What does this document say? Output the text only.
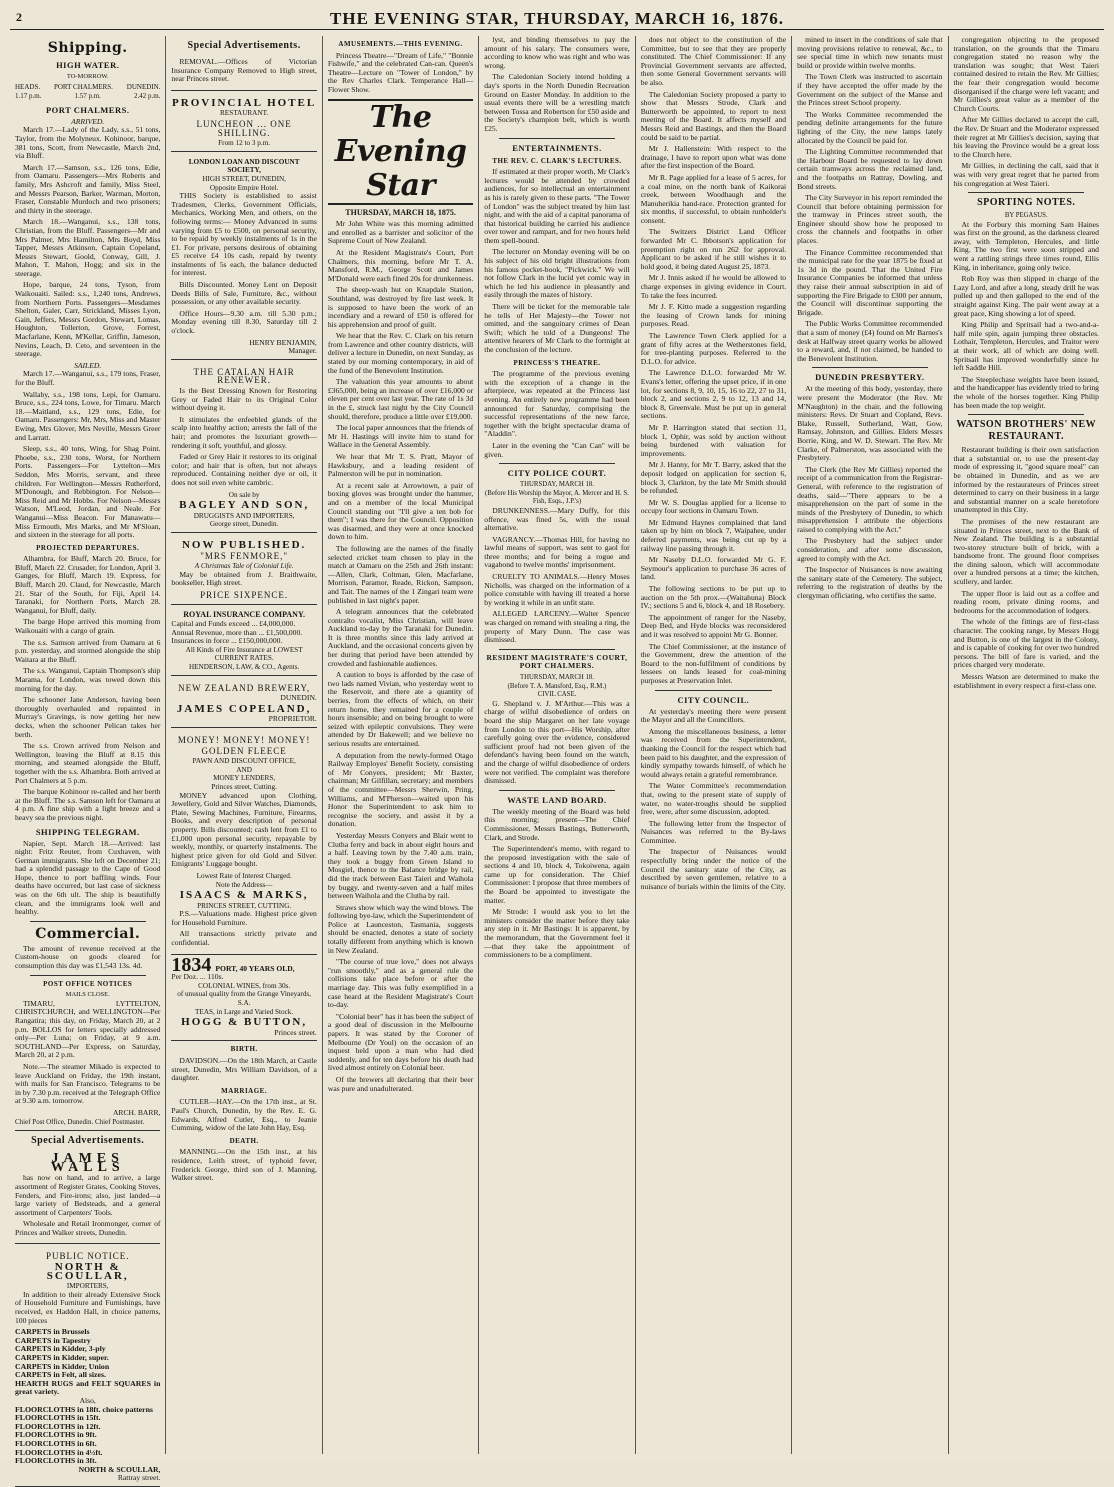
2	THE EVENING STAR, THURSDAY, MARCH 16, 1876.
Shipping.
HIGH WATER.
TO-MORROW.
HEADS. PORT CHALMERS. DUNEDIN.
1.17 p.m.	1.57 p.m.	2.42 p.m.
PORT CHALMERS.
ARRIVED.

March 17.—Lady of the Lady, s.s., 51 tons, Taylor, from the Molyneux. Kohinoor, barque, 381 tons, Scott, from Newcastle, March 2nd, via Bluff.

March 17.—Samson, s.s., 126 tons, Edie, from Oamaru. Passengers—Mrs Roberts and family, Mrs Ashcroft and family, Miss Steel, and Messrs Pearson, Barker, Warman, Morton, Fraser, Constable Murdoch and two prisoners; and thirty in the steerage.

March 18.—Wanganui, s.s., 138 tons, Christian, from the Bluff. Passengers—Mr and Mrs Palmer, Mrs Hamilton, Mrs Boyd, Miss Tapper, Messrs Atkinson, Captain Copeland, Messrs Stewart, Goold, Conway, Gill, J. Mahon, T. Mahon, Hogg; and six in the steerage.

Hope, barque, 24 tons, Tyson, from Waikouaiti. Sailed: s.s., 1,240 tons, Andrews, from Northern Ports. Passengers—Mesdames Shelton, Galer, Carr, Strickland, Misses Lyon, Gain, Jeffers, Messrs Gordon, Stewart, Lomas, Houghton, Tollerton, Grove, Forrest, Macfarlane, Kenn, M'Kellar, Griffin, Jameson, Nevins, Leach, D. Ceto, and seventeen in the steerage.

SAILED.

March 17.—Wanganui, s.s., 179 tons, Fraser, for the Bluff.

Wallaby, s.s., 198 tons, Lepi, for Oamaru. Bruce, s.s., 224 tons, Lowe, for Timaru. March 18.—Maitland, s.s., 129 tons, Edie, for Oamaru. Passengers: Mr, Mrs, Miss and Master Ewing, Mrs Glover, Mrs Neville, Messrs Greer and Larratt.

Sleep, s.s., 40 tons, Wing, for Shag Point. Phoebe, s.s., 230 tons, Worst, for Northern Ports. Passengers—For Lyttelton—Mrs Seddon, Mrs Morris, servant, and three children. For Wellington—Messrs Rutherford, M'Donough, and Rebbington. For Nelson—Miss Reid and Mr Hobbs. For Nelson—Messrs Watson, M'Leod, Jordan, and Neale. For Wanganui—Miss Beacon. For Manawatu—Miss Ermouth, Mrs Marks, and Mr M'Sloan, and sixteen in the steerage for all ports.

PROJECTED DEPARTURES.

Alhambra, for Bluff, March 20. Bruce, for Bluff, March 22. Crusader, for London, April 3. Ganges, for Bluff, March 19. Express, for Bluff, March 20. Claud, for Newcastle, March 21. Star of the South, for Fiji, April 14. Taranaki, for Northern Ports, March 28. Wanganui, for Bluff, daily.

The barge Hope arrived this morning from Waikouaiti with a cargo of grain.

The s.s. Samson arrived from Oamaru at 6 p.m. yesterday, and stormed alongside the ship Waitara at the Bluff.

The s.s. Wanganui, Captain Thompson's ship Marama, for London, was towed down this morning for the day.

The schooner Jane Anderson, having been thoroughly overhauled and repainted in Murray's Gravings, is now getting her new decks, when the schooner Pelican takes her berth.

The s.s. Crown arrived from Nelson and Wellington, leaving the Bluff at 8.15 this morning, and steamed alongside the Bluff, together with the s.s. Alhambra. Both arrived at Port Chalmers at 5 p.m.

The barque Kohinoor re-called and her berth at the Bluff. The s.s. Samson left for Oamaru at 4 p.m. A fine ship with a light breeze and a heavy sea the previous night.

SHIPPING TELEGRAM.

Napier, Sept. March 18.—Arrived: last night: Fritz Reuter, from Cuxhaven, with German immigrants. She left on December 21; had a splendid passage to the Cape of Good Hope, thence to port baffling winds. Four deaths have occurred, but last case of sickness was on the 6th ult. The ship is beautifully clean, and the immigrants look well and healthy.

Commercial.

The amount of revenue received at the Custom-house on goods cleared for consumption this day was £1,543 13s. 4d.

POST OFFICE NOTICES
MAILS CLOSE.

TIMARU, LYTTELTON, CHRISTCHURCH, and WELLINGTON—Per Rangatira; this day, on Friday, March 20, at 2 p.m. BOLLOS for letters specially addressed only—Per Luna; on Friday, at 9 a.m. SOUTHLAND—Per Express, on Saturday, March 20, at 2 p.m.

Note.—The steamer Mikado is expected to leave Auckland on Friday, the 19th instant, with mails for San Francisco. Telegrams to be in by 7.30 p.m. received at the Telegraph Office at 9.30 a.m. tomorrow.

ARCH. BARR,
Chief Post Office, Dunedin. Chief Postmaster.
Special Advertisements.
JAMES WALLS

has now on hand, and to arrive, a large assortment of Register Grates, Cooking Stoves, Fenders, and Fire-irons; also, just landed—a large variety of Bedsteads, and a general assortment of Carpenters' Tools.

Wholesale and Retail Ironmonger, corner of Princes and Walker streets, Dunedin.

PUBLIC NOTICE.
NORTH & SCOULLAR,
IMPORTERS,

In addition to their already Extensive Stock of Household Furniture and Furnishings, have received, ex Haddon Hall, in choice patterns, 100 pieces

CARPETS in Brussels
CARPETS in Tapestry
CARPETS in Kidder, 3-ply
CARPETS in Kidder, super.
CARPETS in Kidder, Union
CARPETS in Felt, all sizes.
HEARTH RUGS and FELT SQUARES in great variety.
Also,
FLOORCLOTHS in 18ft. choice patterns
FLOORCLOTHS in 15ft.
FLOORCLOTHS in 12ft.
FLOORCLOTHS in 9ft.
FLOORCLOTHS in 6ft.
FLOORCLOTHS in 4½ft.
FLOORCLOTHS in 3ft.
NORTH & SCOULLAR,
Rattray street.
Special Advertisements.

REMOVAL.—Offices of Victorian Insurance Company Removed to High street, near Princes street.

PROVINCIAL HOTEL
RESTAURANT.
LUNCHEON ... ONE SHILLING.
From 12 to 3 p.m.
LONDON LOAN AND DISCOUNT SOCIETY,
HIGH STREET, DUNEDIN,
Opposite Empire Hotel.

THIS Society is established to assist Tradesmen, Clerks, Government Officials, Mechanics, Working Men, and others, on the following terms:— Money Advanced in sums varying from £5 to £500, on personal security, to be repaid by weekly instalments of 1s in the £1. For private, persons desirous of obtaining £5 receive £4 10s cash, repaid by twenty instalments of 5s each, the balance deducted for interest.

Bills Discounted. Money Lent on Deposit Deeds Bills of Sale, Furniture, &c., without possession, or any other available security.

Office Hours—9.30 a.m. till 5.30 p.m.; Monday evening till 8.30, Saturday till 2 o'clock.

HENRY BENJAMIN,
Manager.
THE CATALAN HAIR RENEWER.

Is the Best Dressing Known for Restoring Grey or Faded Hair to its Original Color without dyeing it.

It stimulates the enfeebled glands of the scalp into healthy action; arrests the fall of the hair; and promotes the luxuriant growth—rendering it soft, youthful, and glossy.

Faded or Grey Hair it restores to its original color; and hair that is often, but not always reproduced. Containing neither dye or oil, it does not soil even white cambric.

On sale by
BAGLEY AND SON,
DRUGGISTS AND IMPORTERS,
George street, Dunedin.
NOW PUBLISHED.
"MRS FENMORE,"
A Christmas Tale of Colonial Life.

May be obtained from J. Braithwaite, bookseller, High street.

PRICE SIXPENCE.
ROYAL INSURANCE COMPANY.
Capital and Funds exceed ... £4,000,000.
Annual Revenue, more than ... £1,500,000.
Insurances in force ... £150,000,000.
All Kinds of Fire Insurance at LOWEST CURRENT RATES.
HENDERSON, LAW, & CO., Agents.
NEW ZEALAND BREWERY,
DUNEDIN.
JAMES COPELAND,
PROPRIETOR.
MONEY! MONEY! MONEY!
GOLDEN FLEECE
PAWN AND DISCOUNT OFFICE,
AND
MONEY LENDERS,
Princes street, Cutting.

MONEY advanced upon Clothing, Jewellery, Gold and Silver Watches, Diamonds, Plate, Sewing Machines, Furniture, Firearms, Books, and every description of personal property. Bills discounted; cash lent from £1 to £1,000 upon personal security, repayable by weekly, monthly, or quarterly instalments. The highest price given for old Gold and Silver. Emigrants' Luggage bought.

Lowest Rate of Interest Charged.
Note the Address—
ISAACS & MARKS,
PRINCES STREET, CUTTING.

P.S.—Valuations made. Highest price given for Household Furniture.

All transactions strictly private and confidential.

1834 PORT, 40 YEARS OLD,
Per Doz. ... 110s.
COLONIAL WINES, from 30s.
of unusual quality from the Grange Vineyards, S.A.
TEAS, in Large and Varied Stock.
HOGG & BUTTON,
Princes street.
BIRTH.

DAVIDSON.—On the 18th March, at Castle street, Dunedin, Mrs William Davidson, of a daughter.

MARRIAGE.

CUTLER—HAY.—On the 17th inst., at St. Paul's Church, Dunedin, by the Rev. E. G. Edwards, Alfred Cutler, Esq., to Jeanie Cumming, widow of the late John Hay, Esq.

DEATH.

MANNING.—On the 15th inst., at his residence, Leith street, of typhoid fever, Frederick George, third son of J. Manning, Walker street.

AMUSEMENTS.—THIS EVENING.

Princess Theatre—"Dream of Life," "Bonnie Fishwife," and the celebrated Can-can. Queen's Theatre—Lecture on "Tower of London," by the Rev Charles Clark. Temperance Hall—Flower Show.

The Evening Star
THURSDAY, MARCH 18, 1875.

Mr John White was this morning admitted and enrolled as a barrister and solicitor of the Supreme Court of New Zealand.

At the Resident Magistrate's Court, Port Chalmers, this morning, before Mr T. A. Mansford, R.M., George Scott and James M'Donald were each fined 20s for drunkenness.

The sheep-wash hut on Knapdale Station, Southland, was destroyed by fire last week. It is supposed to have been the work of an incendiary and a reward of £50 is offered for his apprehension and proof of guilt.

We hear that the Rev. C. Clark on his return from Lawrence and other country districts, will deliver a lecture in Dunedin, on next Sunday, as stated by our morning contemporary, in aid of the fund of the Benevolent Institution.

The valuation this year amounts to about £365,000, being an increase of over £16,000 or eleven per cent over last year. The rate of 1s 3d in the £, struck last night by the City Council should, therefore, produce a little over £19,000.

The local paper announces that the friends of Mr H. Hastings will invite him to stand for Wallace in the General Assembly.

We hear that Mr T. S. Pratt, Mayor of Hawksbury, and a leading resident of Palmerston will be put in nomination.

At a recent sale at Arrowtown, a pair of boxing gloves was brought under the hammer, and on a member of the local Municipal Council standing out "I'll give a ten bob for them"; I was there for the Council. Opposition was disarmed, and they were at once knocked down to him.

The following are the names of the finally selected cricket team chosen to play in the match at Oamaru on the 25th and 26th instant:—Allen, Clark, Coltman, Glen, Macfarlane, Morrison, Paramor, Reade, Rickon, Sampson, and Tait. The names of the 1 Zingari team were published in last night's paper.

A telegram announces that the celebrated contralto vocalist, Miss Christian, will leave Auckland to-day by the Taranaki for Dunedin. It is three months since this lady arrived at Auckland, and the occasional concerts given by her during that period have been attended by crowded and fashionable audiences.

A caution to boys is afforded by the case of two lads named Vivian, who yesterday went to the Reservoir, and there ate a quantity of berries, from the effects of which, on their return home, they remained for a couple of hours insensible; and on being brought to were seized with epileptic convulsions. They were attended by Dr Bakewell; and we believe no serious results are entertained.

A deputation from the newly-formed Otago Railway Employes' Benefit Society, consisting of Mr Conyers, president; Mr Baxter, chairman; Mr Gilfillan, secretary; and members of the committee—Messrs Sherwin, Pring, Williams, and M'Pherson—waited upon his Honor the Superintendent to ask him to recognise the society, and assist it by a donation.

Yesterday Messrs Conyers and Blair went to Clutha ferry and back in about eight hours and a half. Leaving town by the 7.40 a.m. train, they took a buggy from Green Island to Mosgiel, thence to the Balance bridge by rail, did the track between East Taieri and Waihola by buggy, and twenty-seven and a half miles between Waihola and the Clutha by rail.

Straws show which way the wind blows. The following bye-law, which the Superintendent of Police at Launceston, Tasmania, suggests should be enacted, denotes a state of society totally different from anything which is known in New Zealand.

"The course of true love," does not always "run smoothly," and as a general rule the collisions take place before or after the marriage day. This was fully exemplified in a case heard at the Resident Magistrate's Court to-day.

"Colonial beer" has it has been the subject of a good deal of discussion in the Melbourne papers. It was stated by the Coroner of Melbourne (Dr Youl) on the occasion of an inquest held upon a man who had died suddenly, and for ten days before his death had lived almost entirely on Colonial beer.

Of the brewers all declaring that their beer was pure and unadulterated.

lyst, and binding themselves to pay the amount of his salary. The consumers were, according to know who was right and who was wrong.

The Caledonian Society intend holding a day's sports in the North Dunedin Recreation Ground on Easter Monday. In addition to the usual events there will be a wrestling match between Tossa and Robertson for £50 aside and the Society's champion belt, which is worth £25.

ENTERTAINMENTS.
THE REV. C. CLARK'S LECTURES.

If estimated at their proper worth, Mr Clark's lectures would be attended by crowded audiences, for so intellectual an entertainment as his is rarely given to these parts. "The Tower of London" was the subject treated by him last night, and with the aid of a capital panorama of that historical building he carried his audience over tower and rampart, and for two hours held them spell-bound.

The lecturer on Monday evening will be on his subject of his old bright illustrations from his famous pocket-book, "Pickwick." We will not follow Clark in the lucid yet comic way in which he led his audience in pleasantly and easily through the mazes of history.

There will be ticket for the memorable tale he tells of Her Majesty—the Tower not omitted, and the sanguinary crimes of Dean Swift; which he told of a Dungeons! The attentive hearers of Mr Clark to the fortnight at the conclusion of the lecture.

PRINCESS'S THEATRE.

The programme of the previous evening with the exception of a change in the afterpiece, was repeated at the Princess last evening. An entirely new programme had been announced for Saturday, comprising the successful representations of the new farce, together with the bright spectacular drama of "Aladdin".

Later in the evening the "Can Can" will be given.

CITY POLICE COURT.
THURSDAY, MARCH 18.
(Before His Worship the Mayor, A. Mercer and H. S. Fish, Esqs., J.P.'s)

DRUNKENNESS.—Mary Duffy, for this offence, was fined 5s, with the usual alternative.

VAGRANCY.—Thomas Hill, for having no lawful means of support, was sent to gaol for three months; and for being a rogue and vagabond to twelve months' imprisonment.

CRUELTY TO ANIMALS.—Henry Moses Nicholls, was charged on the information of a police constable with having ill treated a horse by working it while in an unfit state.

ALLEGED LARCENY.—Walter Spencer was charged on remand with stealing a ring, the property of Mary Dunn. The case was dismissed.

RESIDENT MAGISTRATE'S COURT, PORT CHALMERS.
THURSDAY, MARCH 18.
(Before T. A. Mansford, Esq., R.M.)
CIVIL CASE.

G. Shepland v. J. M'Arthur.—This was a charge of wilful disobedience of orders on board the ship Margaret on her late voyage from London to this port—His Worship, after carefully going over the evidence, considered sufficient proof had not been given of the defendant's having been found on the watch, and the charge of wilful disobedience of orders were not verified. The complaint was therefore dismissed.

WASTE LAND BOARD.

The weekly meeting of the Board was held this morning; present—The Chief Commissioner, Messrs Bastings, Butterworth, Clark, and Strode.

The Superintendent's memo, with regard to the proposed investigation with the sale of sections 4 and 10, block 4, Tokoiwena, again came up for consideration. The Chief Commissioner: I propose that three members of the Board be appointed to investigate the matter.

Mr Strode: I would ask you to let the ministers consider the matter before they take any step in it. Mr Bastings: It is apparent, by the memorandum, that the Government feel it—that they take the appointment of commissioners to be a compliment.

does not object to the constitution of the Committee, but to see that they are properly constituted. The Chief Commissioner: If any Provincial Government servants are affected, then some General Government servants will be also.

The Caledonian Society proposed a party to show that Messrs Strode, Clark and Butterworth be appointed, to report to next meeting of the Board. It affects myself and Messrs Reid and Bastings, and then the Board could be said to be partial.

Mr J. Hallenstein: With respect to the drainage, I have to report upon what was done after the first inspection of the Board.

Mr R. Page applied for a lease of 5 acres, for a coal mine, on the north bank of Kaikorai creek, between Woodhaugh and the Manuherikia hand-race. Protection granted for six months, if successful, to obtain runholder's consent.

The Switzers District Land Officer forwarded Mr C. Ibbotson's application for preemption right on run 262 for approval. Applicant to be asked if he still wishes it to hold good, it being dated August 25, 1873.

Mr J. Innis asked if he would be allowed to charge expenses in giving evidence in Court. To take the fees incurred.

Mr J. F. Kitto made a suggestion regarding the leasing of Crown lands for mining purposes. Read.

The Lawrence Town Clerk applied for a grant of fifty acres at the Wetherstones field, for tree-planting purposes. Referred to the D.L.O. for advice.

The Lawrence D.L.O. forwarded Mr W. Evans's letter, offering the upset price, if in one lot, for sections 8, 9, 10, 15, 16 to 22, 27 to 31, block 2, and sections 2, 9 to 12, 13 and 14, block 8, Greenvale. Must be put up in general sections.

Mr P. Harrington stated that section 11, block 1, Ophir, was sold by auction without being burdened with valuation for improvements.

Mr J. Hanny, for Mr T. Barry, asked that the deposit lodged on application for section 6, block 3, Clarkton, by the late Mr Smith should be refunded.

Mr W. S. Douglas applied for a license to occupy four sections in Oamaru Town.

Mr Edmund Haynes complained that land taken up by him on block 7, Waipahee, under deferred payments, was being cut up by a railway line passing through it.

Mr Naseby D.L.O. forwarded Mr G. F. Seymour's application to purchase 36 acres of land.

The following sections to be put up to auction on the 5th prox.—(Waitahuna) Block IV.; sections 5 and 6, block 4, and 18 Rosebery.

The appointment of ranger for the Naseby, Deep Bed, and Hyde blocks was reconsidered and it was resolved to appoint Mr G. Bonner.

The Chief Commissioner, at the instance of the Government, drew the attention of the Board to the non-fulfilment of conditions by lessees on lands leased for coal-mining purposes at Preservation Inlet.

CITY COUNCIL.

At yesterday's meeting there were present the Mayor and all the Councillors.

Among the miscellaneous business, a letter was received from the Superintendent, thanking the Council for the respect which had been paid to his daughter, and the expression of kindly sympathy towards himself, of which he would always retain a grateful remembrance.

The Water Committee's recommendation that, owing to the present state of supply of water, no water-troughs should be supplied free, were, after some discussion, adopted.

The following letter from the Inspector of Nuisances was referred to the By-laws Committee.

The Inspector of Nuisances would respectfully bring under the notice of the Council the sanitary state of the City, as described by seven gentlemen, relative to a nuisance of burials within the limits of the City.

mined to insert in the conditions of sale that moving provisions relative to renewal, &c., to see special time in which new tenants must build or provide within twelve months.

The Town Clerk was instructed to ascertain if they have accepted the offer made by the Government on the subject of the Manse and the Princes street School property.

The Works Committee recommended the pending definite arrangements for the future lighting of the City, the new lamps lately allocated by the Council be paid for.

The Lighting Committee recommended that the Harbour Board be requested to lay down certain tramways across the reclaimed land, and the footpaths on Rattray, Dowling, and Bond streets.

The City Surveyor in his report reminded the Council that before obtaining permission for the tramway in Princes street south, the Engineer should show how he proposed to cross the channels and footpaths in other places.

The Finance Committee recommended that the municipal rate for the year 1875 be fixed at 1s 3d in the pound. That the United Fire Insurance Companies be informed that unless they raise their annual subscription in aid of supporting the Fire Brigade to £300 per annum, the Council will discontinue supporting the Brigade.

The Public Works Committee recommended that a sum of money (£4) found on Mr Barnes's desk at Halfway street quarry works be allowed to a reward, and, if not claimed, be handed to the Benevolent Institution.

DUNEDIN PRESBYTERY.

At the meeting of this body, yesterday, there were present the Moderator (the Rev. Mr M'Naughton) in the chair, and the following ministers: Revs. Dr Stuart and Copland, Revs. Blake, Russell, Sutherland, Watt, Gow, Ramsay, Johnston, and Gillies. Elders Messrs Borrie, King, and W. D. Stewart. The Rev. Mr Clarke, of Palmerston, was associated with the Presbytery.

The Clerk (the Rev Mr Gillies) reported the receipt of a communication from the Registrar-General, with reference to the registration of deaths, said—"There appears to be a misapprehension on the part of some in the minds of the Presbytery of Dunedin, to which misapprehension I attribute the objections raised to complying with the Act."

The Presbytery had the subject under consideration, and after some discussion, agreed to comply with the Act.

The Inspector of Nuisances is now awaiting the sanitary state of the Cemetery. The subject, referring to the registration of deaths by the clergyman officiating, who certifies the same.

congregation objecting to the proposed translation, on the grounds that the Timaru congregation stated no reason why the translation was sought; that West Taieri contained desired to retain the Rev. Mr Gillies; the fear their congregation would become disorganised if the charge were left vacant; and Mr Gillies's great value as a member of the Church Courts.

After Mr Gillies declared to accept the call, the Rev. Dr Stuart and the Moderator expressed their regret at Mr Gillies's decision, saying that his leaving the Province would be a great loss to the Church here.

Mr Gillies, in declining the call, said that it was with very great regret that he parted from his congregation at West Taieri.

SPORTING NOTES.
BY PEGASUS.

At the Forbury this morning Sam Haines was first on the ground, as the darkness cleared away, with Templeton, Hercules, and little King. The two first were soon stripped and went a rattling strings three times round, Ellis King, in inheritance, going only twice.

Rob Roy was then slipped in charge of the Lazy Lord, and after a long, steady drill he was pulled up and then galloped to the end of the straight against King. The pair went away at a great pace, King showing a lot of speed.

King Philip and Spritsail had a two-and-a-half mile spin, again jumping three obstacles. Lothair, Templeton, Hercules, and Traitor were at their work, all of which are doing well. Spritsail has improved wonderfully since he left Saddle Hill.

The Steeplechase weights have been issued, and the handicapper has evidently tried to bring the whole of the horses together. King Philip has been made the top weight.

WATSON BROTHERS' NEW RESTAURANT.

Restaurant building is their own satisfaction that a substantial or, to use the present-day mode of expressing it, "good square meal" can be obtained in Dunedin, and as we are informed by the restaurateurs of Princes street determined to carry on their business in a large and substantial manner on a scale heretofore unattempted in this City.

The premises of the new restaurant are situated in Princes street, next to the Bank of New Zealand. The building is a substantial two-storey structure built of brick, with a handsome front. The ground floor comprises the dining saloon, which will accommodate over a hundred persons at a time; the kitchen, scullery, and larder.

The upper floor is laid out as a coffee and reading room, private dining rooms, and bedrooms for the accommodation of lodgers.

The whole of the fittings are of first-class character. The cooking range, by Messrs Hogg and Button, is one of the largest in the Colony, and is capable of cooking for over two hundred persons. The bill of fare is varied, and the prices charged very moderate.

Messrs Watson are determined to make the establishment in every respect a first-class one.
